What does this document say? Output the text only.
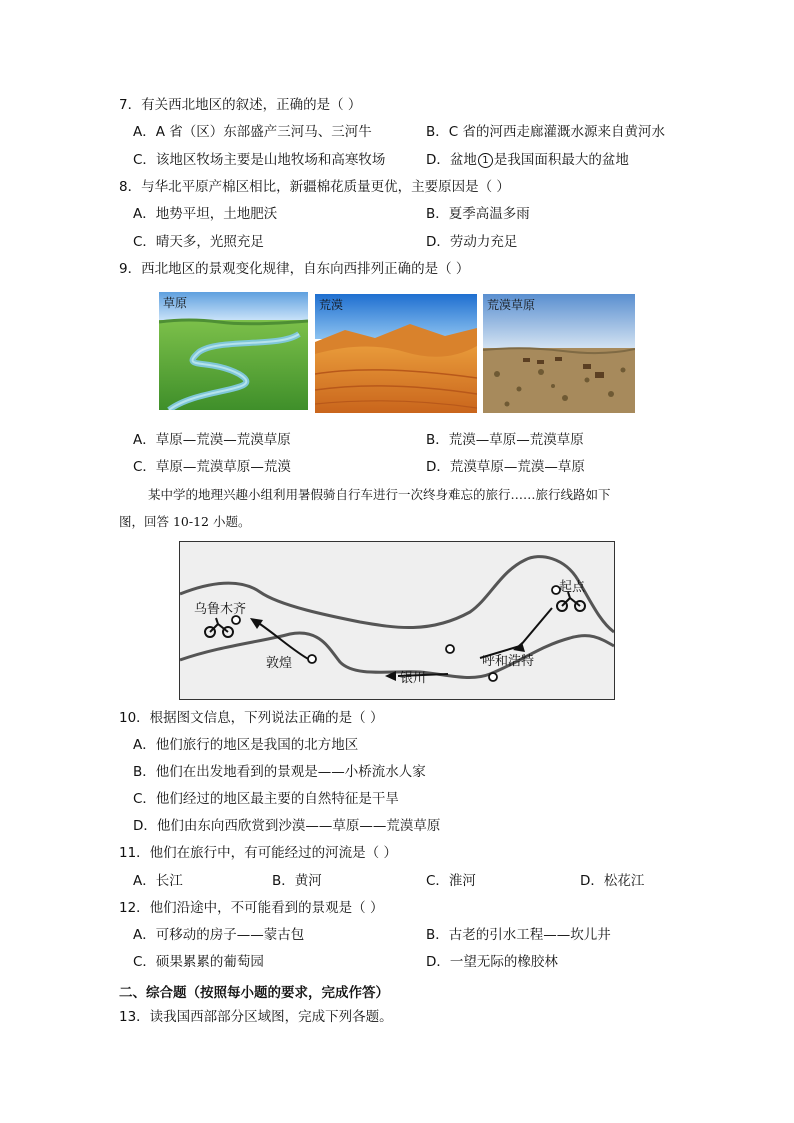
7．有关西北地区的叙述，正确的是（ ）
A．A 省（区）东部盛产三河马、三河牛	B．C 省的河西走廊灌溉水源来自黄河水
C．该地区牧场主要是山地牧场和高寒牧场	D．盆地 1 是我国面积最大的盆地
8．与华北平原产棉区相比，新疆棉花质量更优，主要原因是（ ）
A．地势平坦，土地肥沃	B．夏季高温多雨
C．晴天多，光照充足	D．劳动力充足
9．西北地区的景观变化规律，自东向西排列正确的是（ ）
草原	荒漠	荒漠草原
A．草原—荒漠—荒漠草原	B．荒漠—草原—荒漠草原
C．草原—荒漠草原—荒漠	D．荒漠草原—荒漠—草原
某中学的地理兴趣小组利用暑假骑自行车进行一次终身难忘的旅行……旅行线路如下
图，回答 10-12 小题。
起点
乌鲁木齐
敦煌
银川
呼和浩特
10．根据图文信息，下列说法正确的是（ ）
A．他们旅行的地区是我国的北方地区
B．他们在出发地看到的景观是——小桥流水人家
C．他们经过的地区最主要的自然特征是干旱
D．他们由东向西欣赏到沙漠——草原——荒漠草原
11．他们在旅行中，有可能经过的河流是（ ）
A．长江	B．黄河	C．淮河	D．松花江
12．他们沿途中，不可能看到的景观是（ ）
A．可移动的房子——蒙古包	B．古老的引水工程——坎儿井
C．硕果累累的葡萄园	D．一望无际的橡胶林
二、综合题（按照每小题的要求，完成作答）
13．读我国西部部分区域图，完成下列各题。
